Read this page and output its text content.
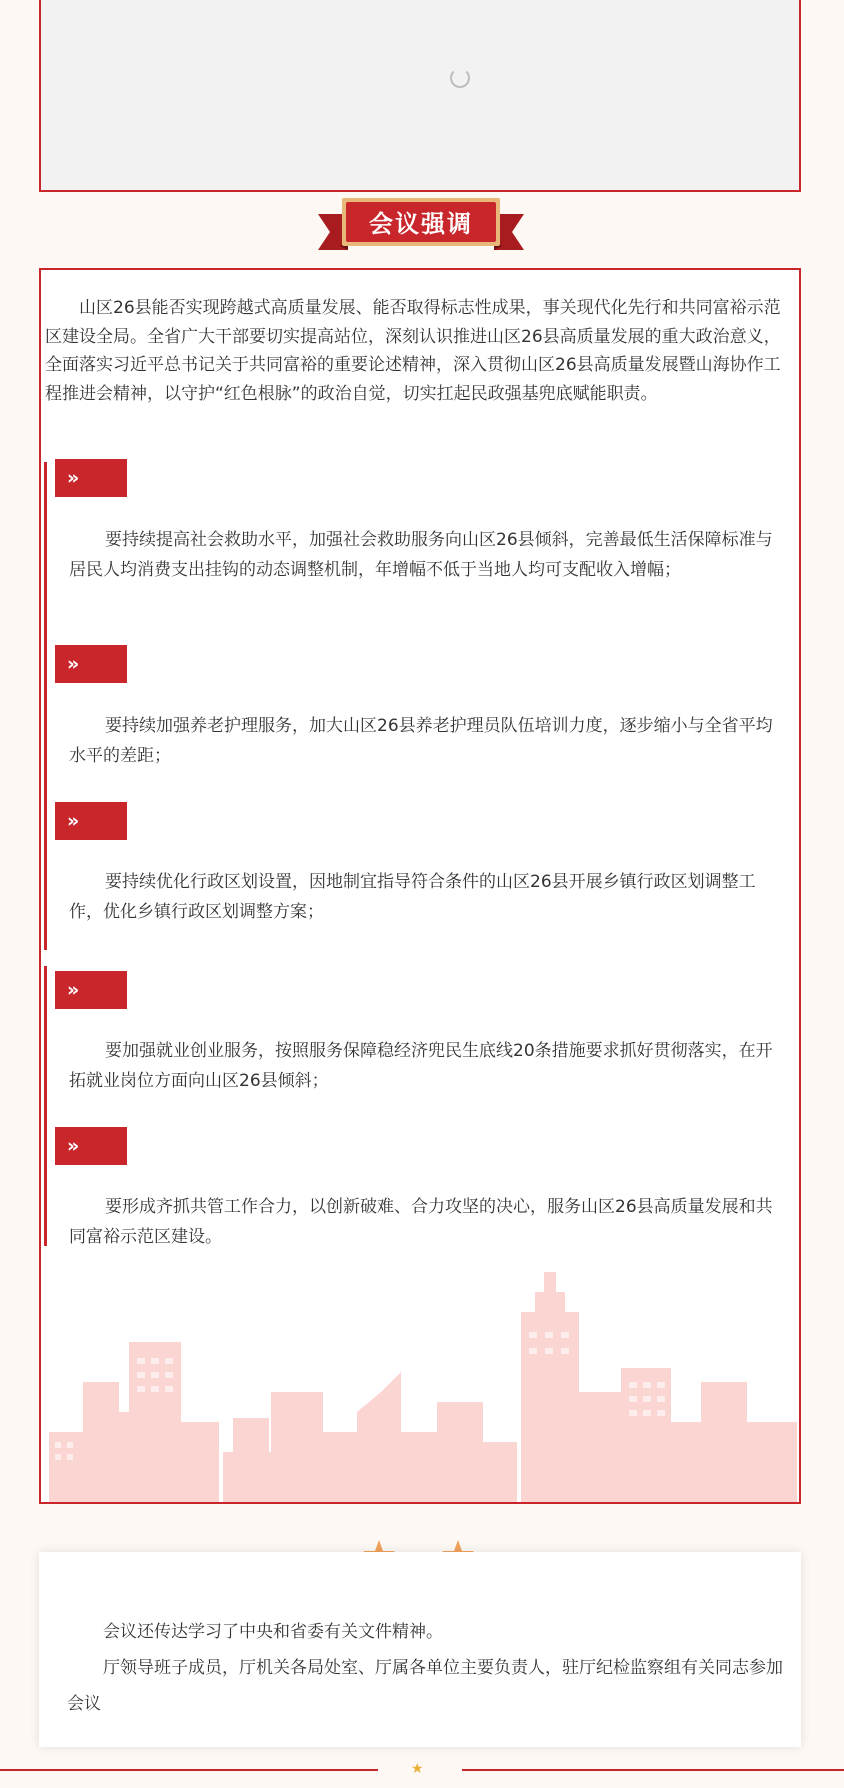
会议强调

山区26县能否实现跨越式高质量发展、能否取得标志性成果，事关现代化先行和共同富裕示范区建设全局。全省广大干部要切实提高站位，深刻认识推进山区26县高质量发展的重大政治意义，全面落实习近平总书记关于共同富裕的重要论述精神，深入贯彻山区26县高质量发展暨山海协作工程推进会精神，以守护“红色根脉”的政治自觉，切实扛起民政强基兜底赋能职责。

»

要持续提高社会救助水平，加强社会救助服务向山区26县倾斜，完善最低生活保障标准与居民人均消费支出挂钩的动态调整机制，年增幅不低于当地人均可支配收入增幅；

»

要持续加强养老护理服务，加大山区26县养老护理员队伍培训力度，逐步缩小与全省平均水平的差距；

»

要持续优化行政区划设置，因地制宜指导符合条件的山区26县开展乡镇行政区划调整工作，优化乡镇行政区划调整方案；

»

要加强就业创业服务，按照服务保障稳经济兜民生底线20条措施要求抓好贯彻落实，在开拓就业岗位方面向山区26县倾斜；

»

要形成齐抓共管工作合力，以创新破难、合力攻坚的决心，服务山区26县高质量发展和共同富裕示范区建设。

会议还传达学习了中央和省委有关文件精神。

厅领导班子成员，厅机关各局处室、厅属各单位主要负责人，驻厅纪检监察组有关同志参加会议

★
